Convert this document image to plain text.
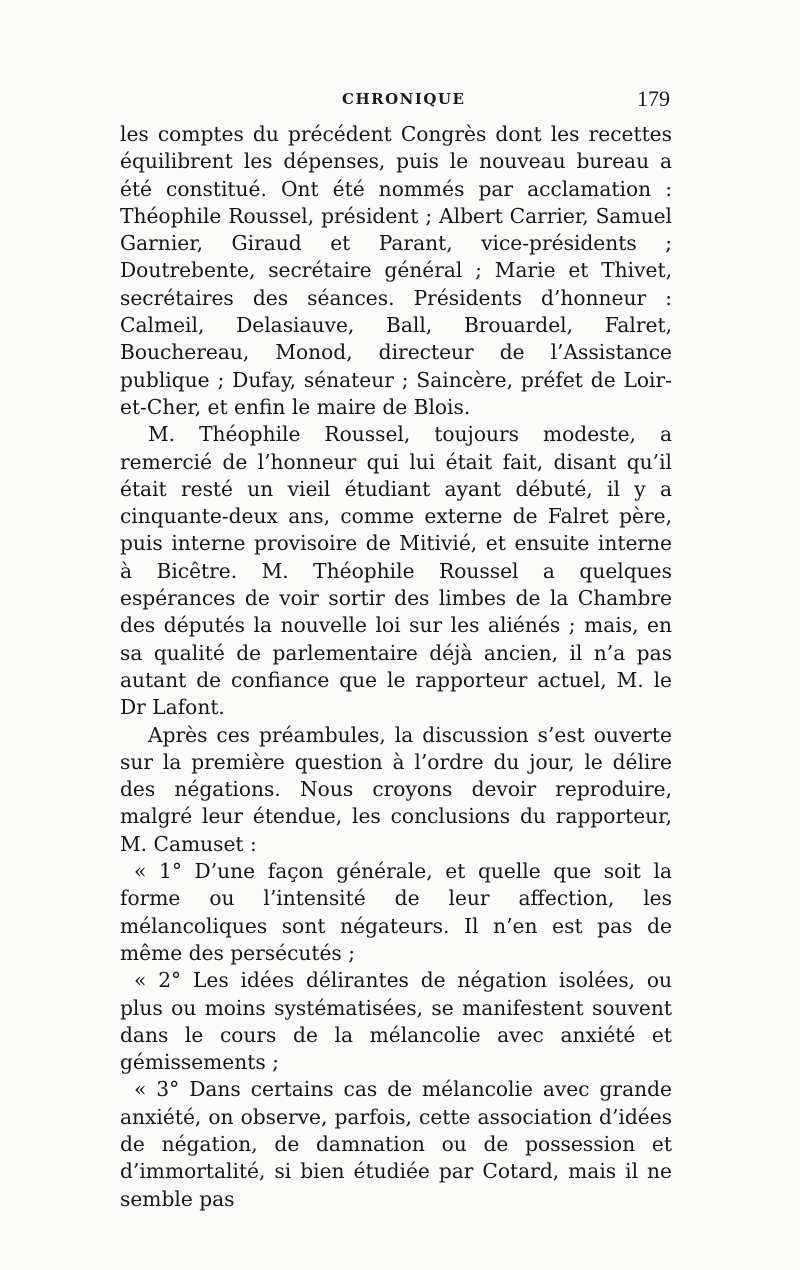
CHRONIQUE	179

les comptes du précédent Congrès dont les recettes équilibrent les dépenses, puis le nouveau bureau a été constitué. Ont été nommés par acclamation : Théophile Roussel, président ; Albert Carrier, Samuel Garnier, Giraud et Parant, vice-présidents ; Doutrebente, secrétaire général ; Marie et Thivet, secrétaires des séances. Présidents d’honneur : Calmeil, Delasiauve, Ball, Brouardel, Falret, Bouchereau, Monod, directeur de l’Assistance publique ; Dufay, sénateur ; Saincère, préfet de Loir-et-Cher, et enfin le maire de Blois.

M. Théophile Roussel, toujours modeste, a remercié de l’honneur qui lui était fait, disant qu’il était resté un vieil étudiant ayant débuté, il y a cinquante-deux ans, comme externe de Falret père, puis interne provisoire de Mitivié, et ensuite interne à Bicêtre. M. Théophile Roussel a quelques espérances de voir sortir des limbes de la Chambre des députés la nouvelle loi sur les aliénés ; mais, en sa qualité de parlementaire déjà ancien, il n’a pas autant de confiance que le rapporteur actuel, M. le Dr Lafont.

Après ces préambules, la discussion s’est ouverte sur la première question à l’ordre du jour, le délire des négations. Nous croyons devoir reproduire, malgré leur étendue, les conclusions du rapporteur, M. Camuset :

« 1° D’une façon générale, et quelle que soit la forme ou l’intensité de leur affection, les mélancoliques sont négateurs. Il n’en est pas de même des persécutés ;

« 2° Les idées délirantes de négation isolées, ou plus ou moins systématisées, se manifestent souvent dans le cours de la mélancolie avec anxiété et gémissements ;

« 3° Dans certains cas de mélancolie avec grande anxiété, on observe, parfois, cette association d’idées de négation, de damnation ou de possession et d’immortalité, si bien étudiée par Cotard, mais il ne semble pas
